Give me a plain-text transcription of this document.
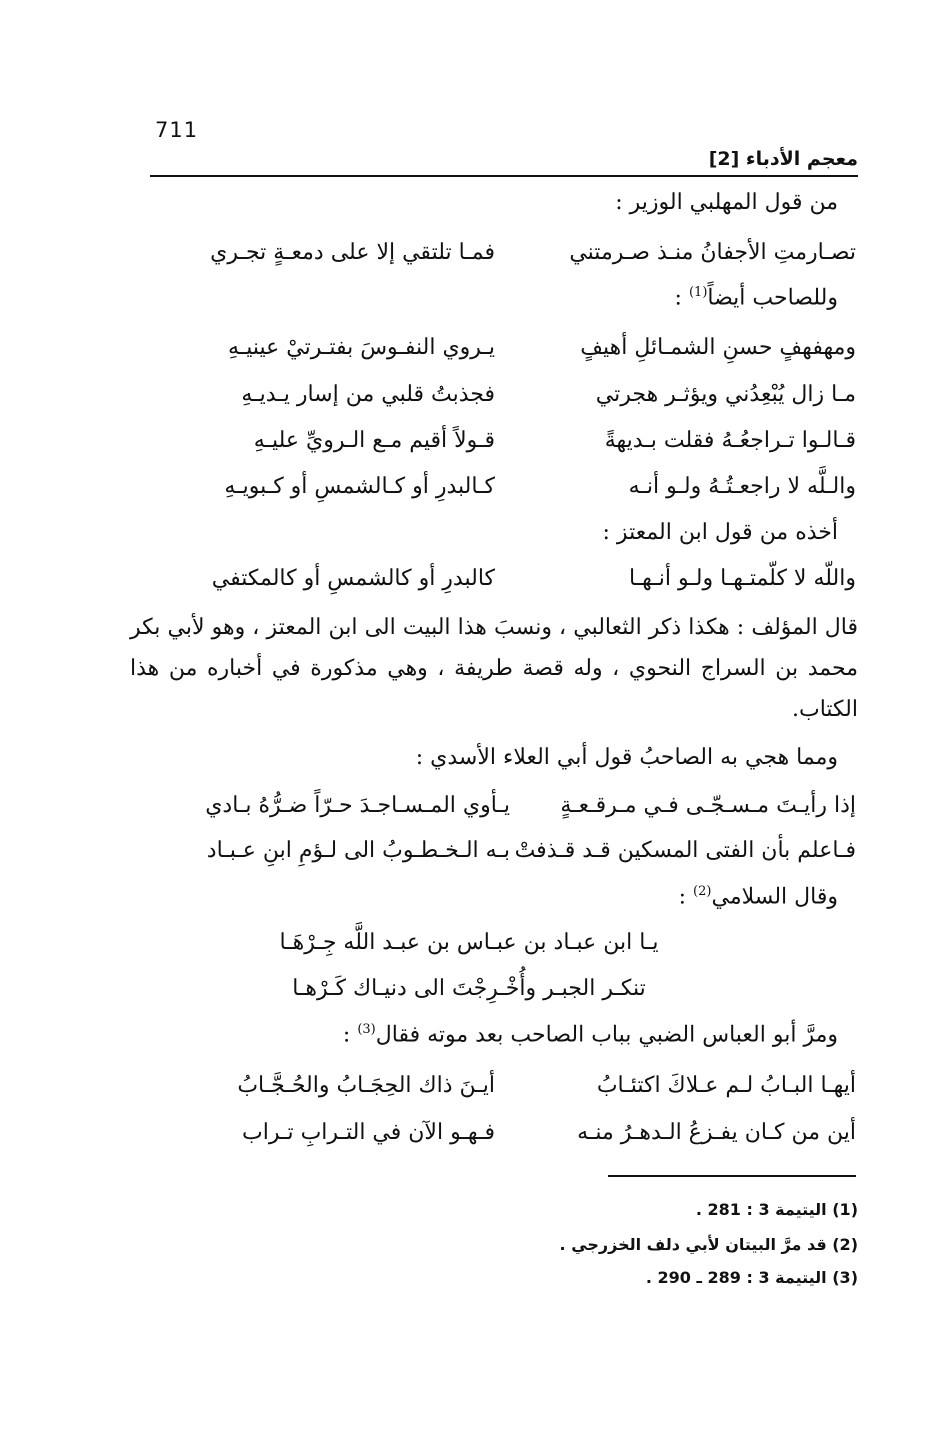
711
معجم الأدباء [2]
من قول المهلبي الوزير :
تصـارمتِ الأجفانُ منـذ صـرمتني
فمـا تلتقي إلا على دمعـةٍ تجـري
وللصاحب أيضاً$^{(1)}$ :
ومهفهفٍ حسنِ الشمـائلِ أهيفٍ
يـروي النفـوسَ بفتـرتيْ عينيـهِ
مـا زال يُبْعِدُني ويؤثـر هجرتي
فجذبتُ قلبي من إسار يـديـهِ
قـالـوا تـراجعُـهُ فقلت بـديهةً
قـولاً أقيم مـع الـرويِّ عليـهِ
والـلَّه لا راجعـتُـهُ ولـو أنـه
كـالبدرِ أو كـالشمسِ أو كـبويـهِ
أخذه من قول ابن المعتز :
واللّه لا كلّمتـهـا ولـو أنـهـا
كالبدرِ أو كالشمسِ أو كالمكتفي
قال المؤلف : هكذا ذكر الثعالبي ، ونسبَ هذا البيت الى ابن المعتز ، وهو لأبي بكر محمد بن السراج النحوي ، وله قصة طريفة ، وهي مذكورة في أخباره من هذا الكتاب.
ومما هجي به الصاحبُ قول أبي العلاء الأسدي :
إذا رأيـتَ مـسـجّـى فـي مـرقـعـةٍ
يـأوي المـسـاجـدَ حـرّاً ضـرُّهُ بـادي
فـاعلم بأن الفتى المسكين قـد قـذفتْ
بـه الـخـطـوبُ الى لـؤمِ ابنِ عـبـاد
وقال السلامي$^{(2)}$ :
يـا ابن عبـاد بن عبـاس بن عبـد اللَّه جِـرْهَـا
تنكـر الجبـر وأُخْـرِجْتَ الى دنيـاك كَـرْهـا
ومرَّ أبو العباس الضبي بباب الصاحب بعد موته فقال$^{(3)}$ :
أيهـا البـابُ لـم عـلاكَ اكتئـابُ
أيـنَ ذاك الحِجَـابُ والحُـجَّـابُ
أين من كـان يفـزعُ الـدهـرُ منـه
فـهـو الآن في التـرابِ تـراب
(1) اليتيمة 3 : 281 .
(2) قد مرَّ البيتان لأبي دلف الخزرجي .
(3) اليتيمة 3 : 289 ـ 290 .
